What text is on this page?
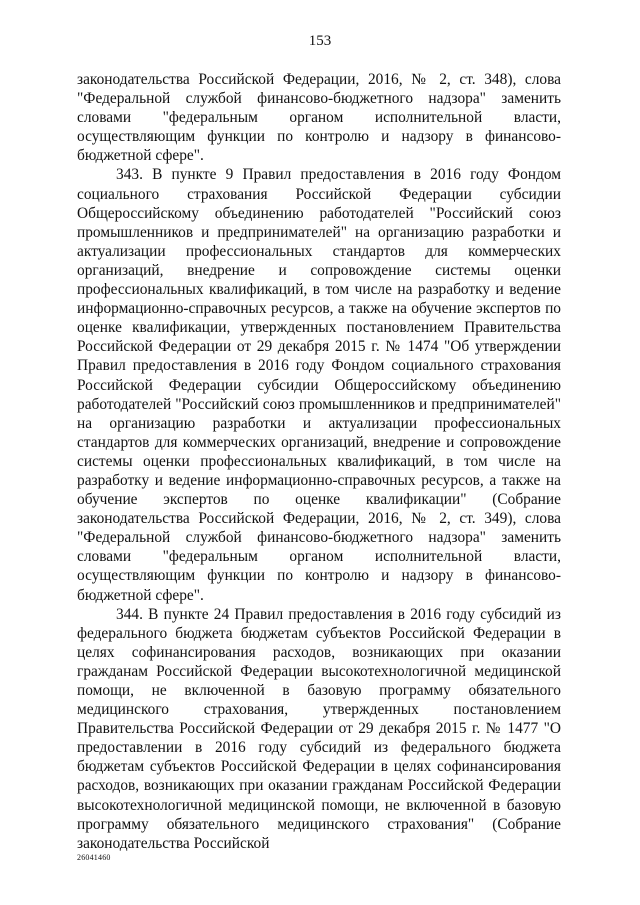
153

законодательства Российской Федерации, 2016, № 2, ст. 348), слова "Федеральной службой финансово-бюджетного надзора" заменить словами "федеральным органом исполнительной власти, осуществляющим функции по контролю и надзору в финансово-бюджетной сфере".

343. В пункте 9 Правил предоставления в 2016 году Фондом социального страхования Российской Федерации субсидии Общероссийскому объединению работодателей "Российский союз промышленников и предпринимателей" на организацию разработки и актуализации профессиональных стандартов для коммерческих организаций, внедрение и сопровождение системы оценки профессиональных квалификаций, в том числе на разработку и ведение информационно-справочных ресурсов, а также на обучение экспертов по оценке квалификации, утвержденных постановлением Правительства Российской Федерации от 29 декабря 2015 г. № 1474 "Об утверждении Правил предоставления в 2016 году Фондом социального страхования Российской Федерации субсидии Общероссийскому объединению работодателей "Российский союз промышленников и предпринимателей" на организацию разработки и актуализации профессиональных стандартов для коммерческих организаций, внедрение и сопровождение системы оценки профессиональных квалификаций, в том числе на разработку и ведение информационно-справочных ресурсов, а также на обучение экспертов по оценке квалификации" (Собрание законодательства Российской Федерации, 2016, № 2, ст. 349), слова "Федеральной службой финансово-бюджетного надзора" заменить словами "федеральным органом исполнительной власти, осуществляющим функции по контролю и надзору в финансово-бюджетной сфере".

344. В пункте 24 Правил предоставления в 2016 году субсидий из федерального бюджета бюджетам субъектов Российской Федерации в целях софинансирования расходов, возникающих при оказании гражданам Российской Федерации высокотехнологичной медицинской помощи, не включенной в базовую программу обязательного медицинского страхования, утвержденных постановлением Правительства Российской Федерации от 29 декабря 2015 г. № 1477 "О предоставлении в 2016 году субсидий из федерального бюджета бюджетам субъектов Российской Федерации в целях софинансирования расходов, возникающих при оказании гражданам Российской Федерации высокотехнологичной медицинской помощи, не включенной в базовую программу обязательного медицинского страхования" (Собрание законодательства Российской

26041460
